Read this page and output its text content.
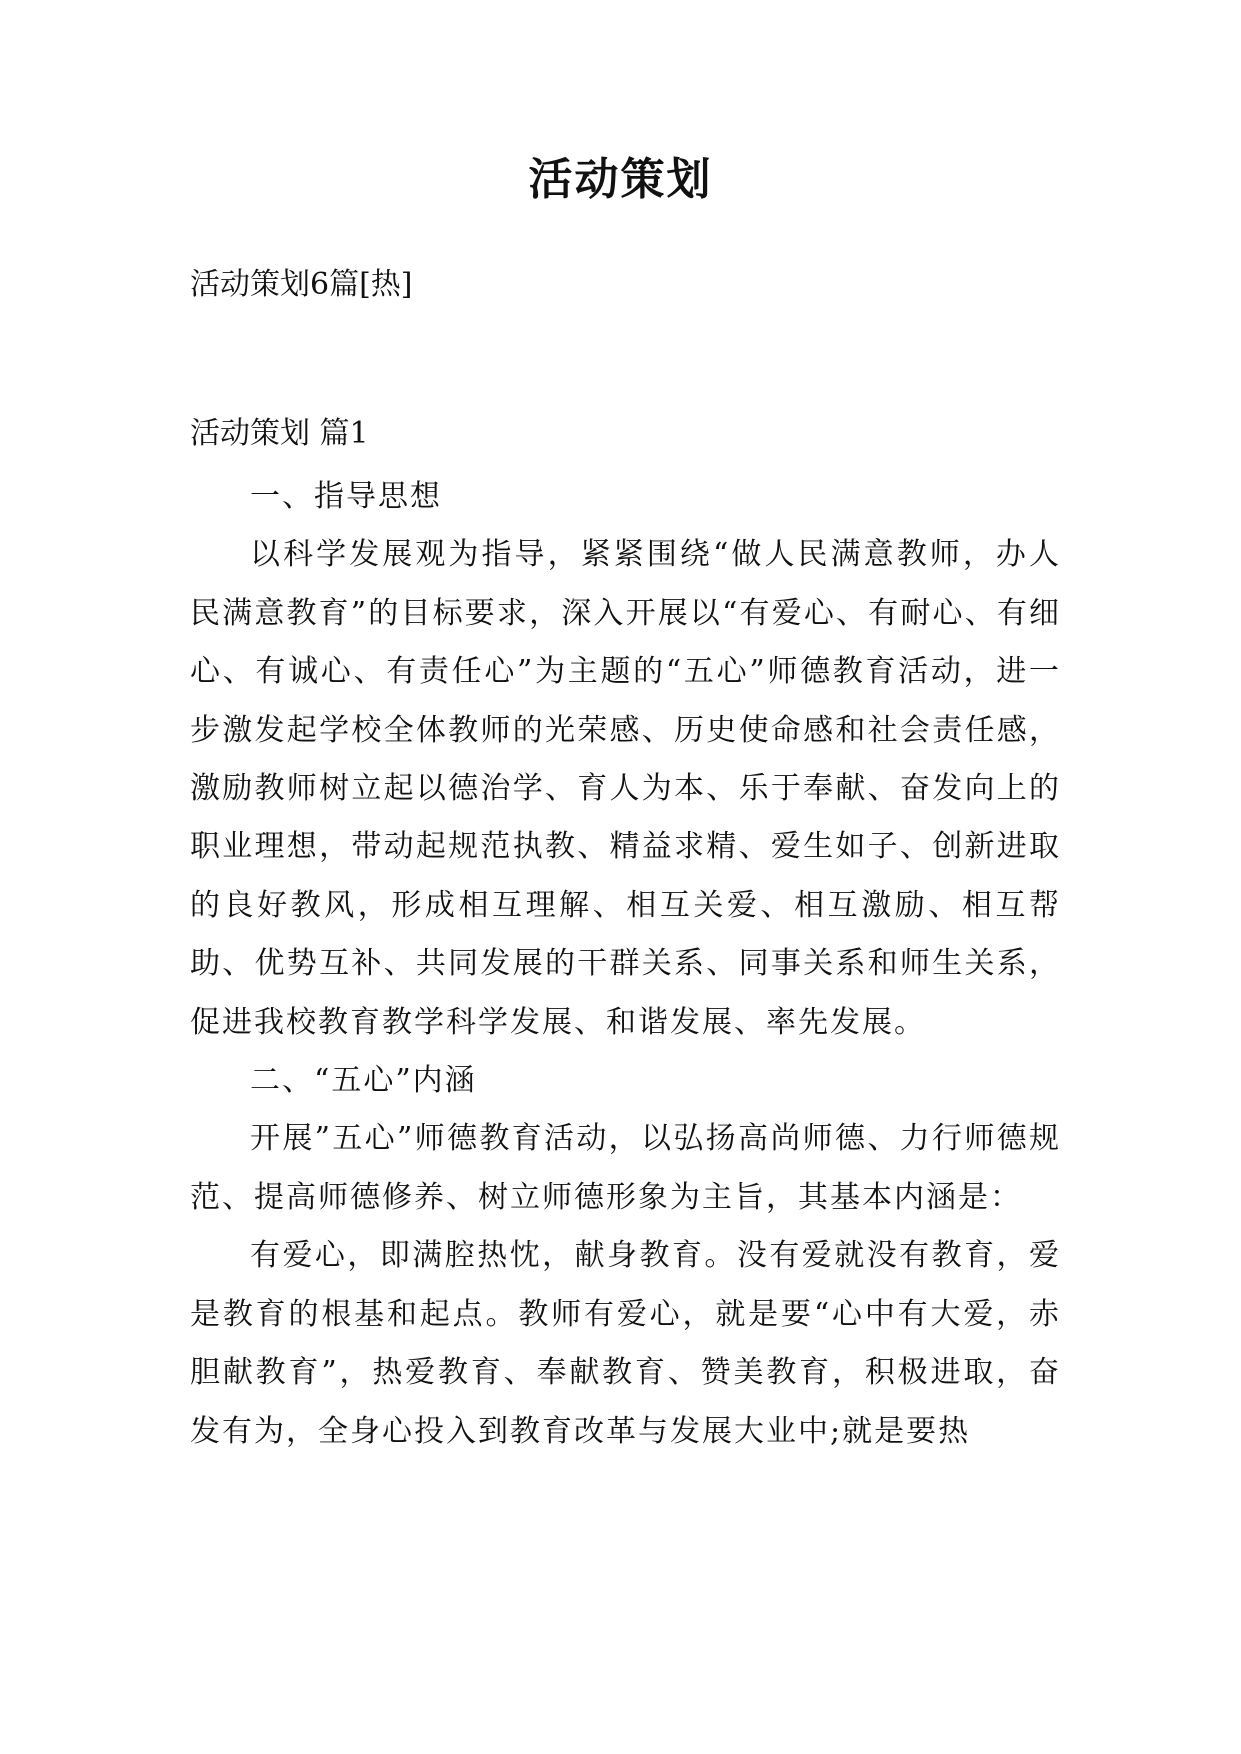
活动策划
活动策划6篇[热]
活动策划 篇1
一、指导思想
以科学发展观为指导，紧紧围绕“做人民满意教师，办人民满意教育”的目标要求，深入开展以“有爱心、有耐心、有细心、有诚心、有责任心”为主题的“五心”师德教育活动，进一步激发起学校全体教师的光荣感、历史使命感和社会责任感，激励教师树立起以德治学、育人为本、乐于奉献、奋发向上的职业理想，带动起规范执教、精益求精、爱生如子、创新进取的良好教风，形成相互理解、相互关爱、相互激励、相互帮助、优势互补、共同发展的干群关系、同事关系和师生关系，促进我校教育教学科学发展、和谐发展、率先发展。
二、“五心”内涵
开展”五心”师德教育活动，以弘扬高尚师德、力行师德规范、提高师德修养、树立师德形象为主旨，其基本内涵是：
有爱心，即满腔热忱，献身教育。没有爱就没有教育，爱是教育的根基和起点。教师有爱心，就是要“心中有大爱，赤胆献教育”，热爱教育、奉献教育、赞美教育，积极进取，奋发有为，全身心投入到教育改革与发展大业中;就是要热
